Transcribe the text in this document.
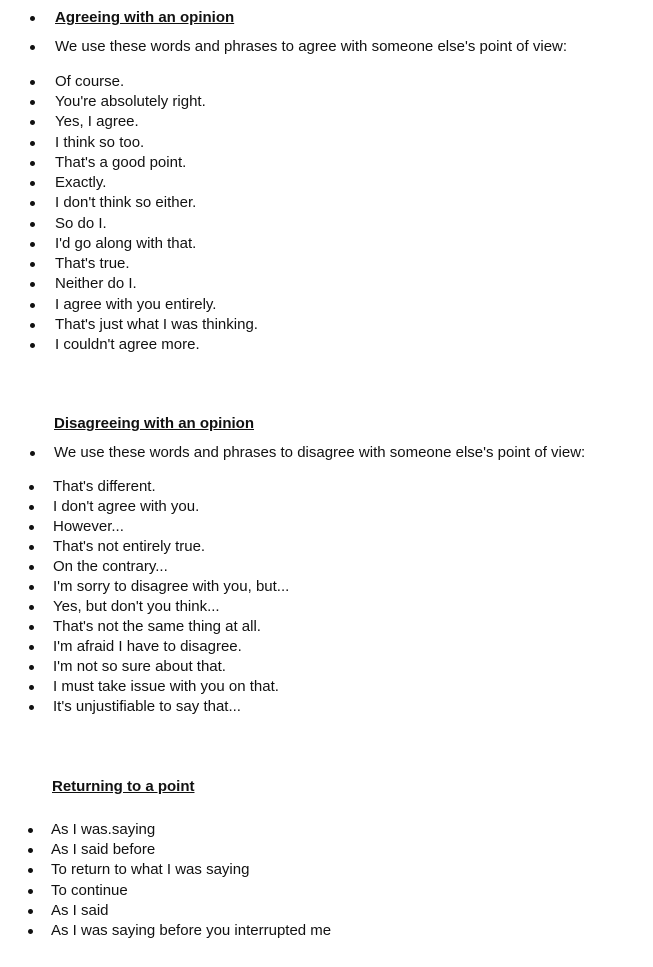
Agreeing with an opinion

We use these words and phrases to agree with someone else's point of view:

Of course.
You're absolutely right.
Yes, I agree.
I think so too.
That's a good point.
Exactly.
I don't think so either.
So do I.
I'd go along with that.
That's true.
Neither do I.
I agree with you entirely.
That's just what I was thinking.
I couldn't agree more.
Disagreeing with an opinion

We use these words and phrases to disagree with someone else's point of view:

That's different.
I don't agree with you.
However...
That's not entirely true.
On the contrary...
I'm sorry to disagree with you, but...
Yes, but don't you think...
That's not the same thing at all.
I'm afraid I have to disagree.
I'm not so sure about that.
I must take issue with you on that.
It's unjustifiable to say that...
Returning to a point
As I was.saying
As I said before
To return to what I was saying
To continue
As I said
As I was saying before you interrupted me
